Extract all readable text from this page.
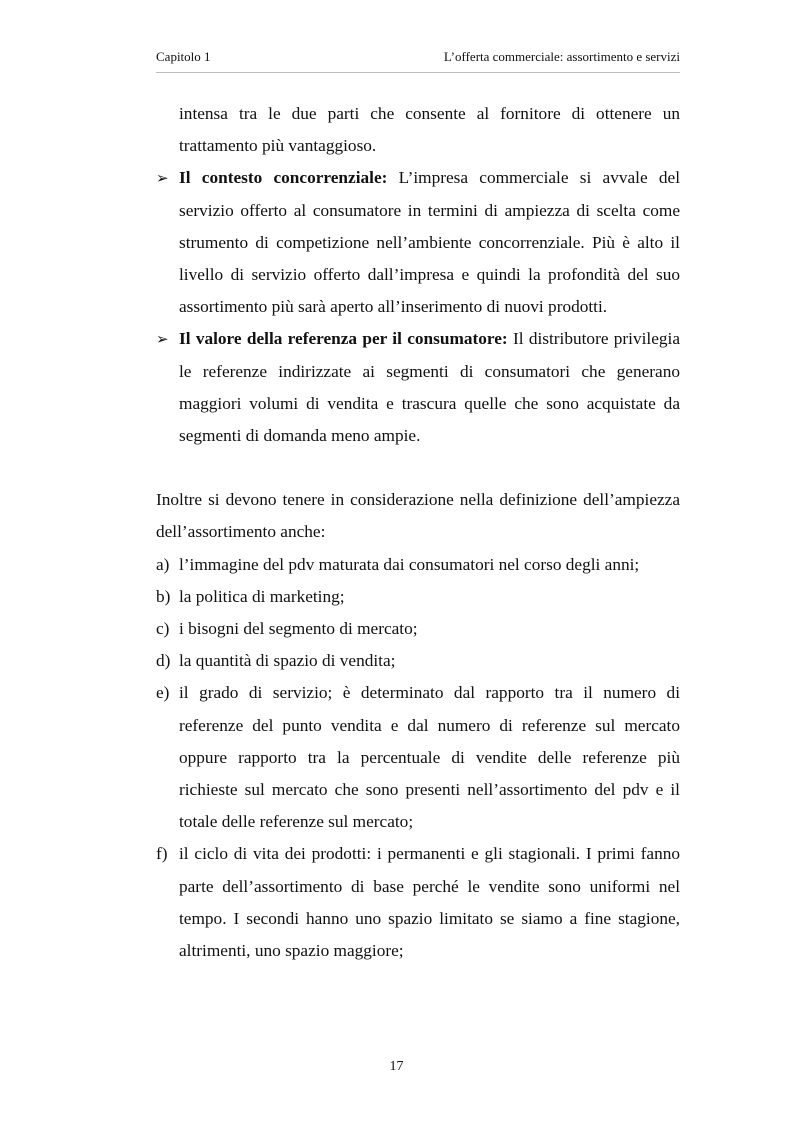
Capitolo 1	L’offerta commerciale: assortimento e servizi
intensa tra le due parti che consente al fornitore di ottenere un trattamento più vantaggioso.
➢ Il contesto concorrenziale: L’impresa commerciale si avvale del servizio offerto al consumatore in termini di ampiezza di scelta come strumento di competizione nell’ambiente concorrenziale. Più è alto il livello di servizio offerto dall’impresa e quindi la profondità del suo assortimento più sarà aperto all’inserimento di nuovi prodotti.
➢ Il valore della referenza per il consumatore: Il distributore privilegia le referenze indirizzate ai segmenti di consumatori che generano maggiori volumi di vendita e trascura quelle che sono acquistate da segmenti di domanda meno ampie.
Inoltre si devono tenere in considerazione nella definizione dell’ampiezza dell’assortimento anche:
a) l’immagine del pdv maturata dai consumatori nel corso degli anni;
b) la politica di marketing;
c) i bisogni del segmento di mercato;
d) la quantità di spazio di vendita;
e) il grado di servizio; è determinato dal rapporto tra il numero di referenze del punto vendita e dal numero di referenze sul mercato oppure rapporto tra la percentuale di vendite delle referenze più richieste sul mercato che sono presenti nell’assortimento del pdv e il totale delle referenze sul mercato;
f) il ciclo di vita dei prodotti: i permanenti e gli stagionali. I primi fanno parte dell’assortimento di base perché le vendite sono uniformi nel tempo. I secondi hanno uno spazio limitato se siamo a fine stagione, altrimenti, uno spazio maggiore;
17
